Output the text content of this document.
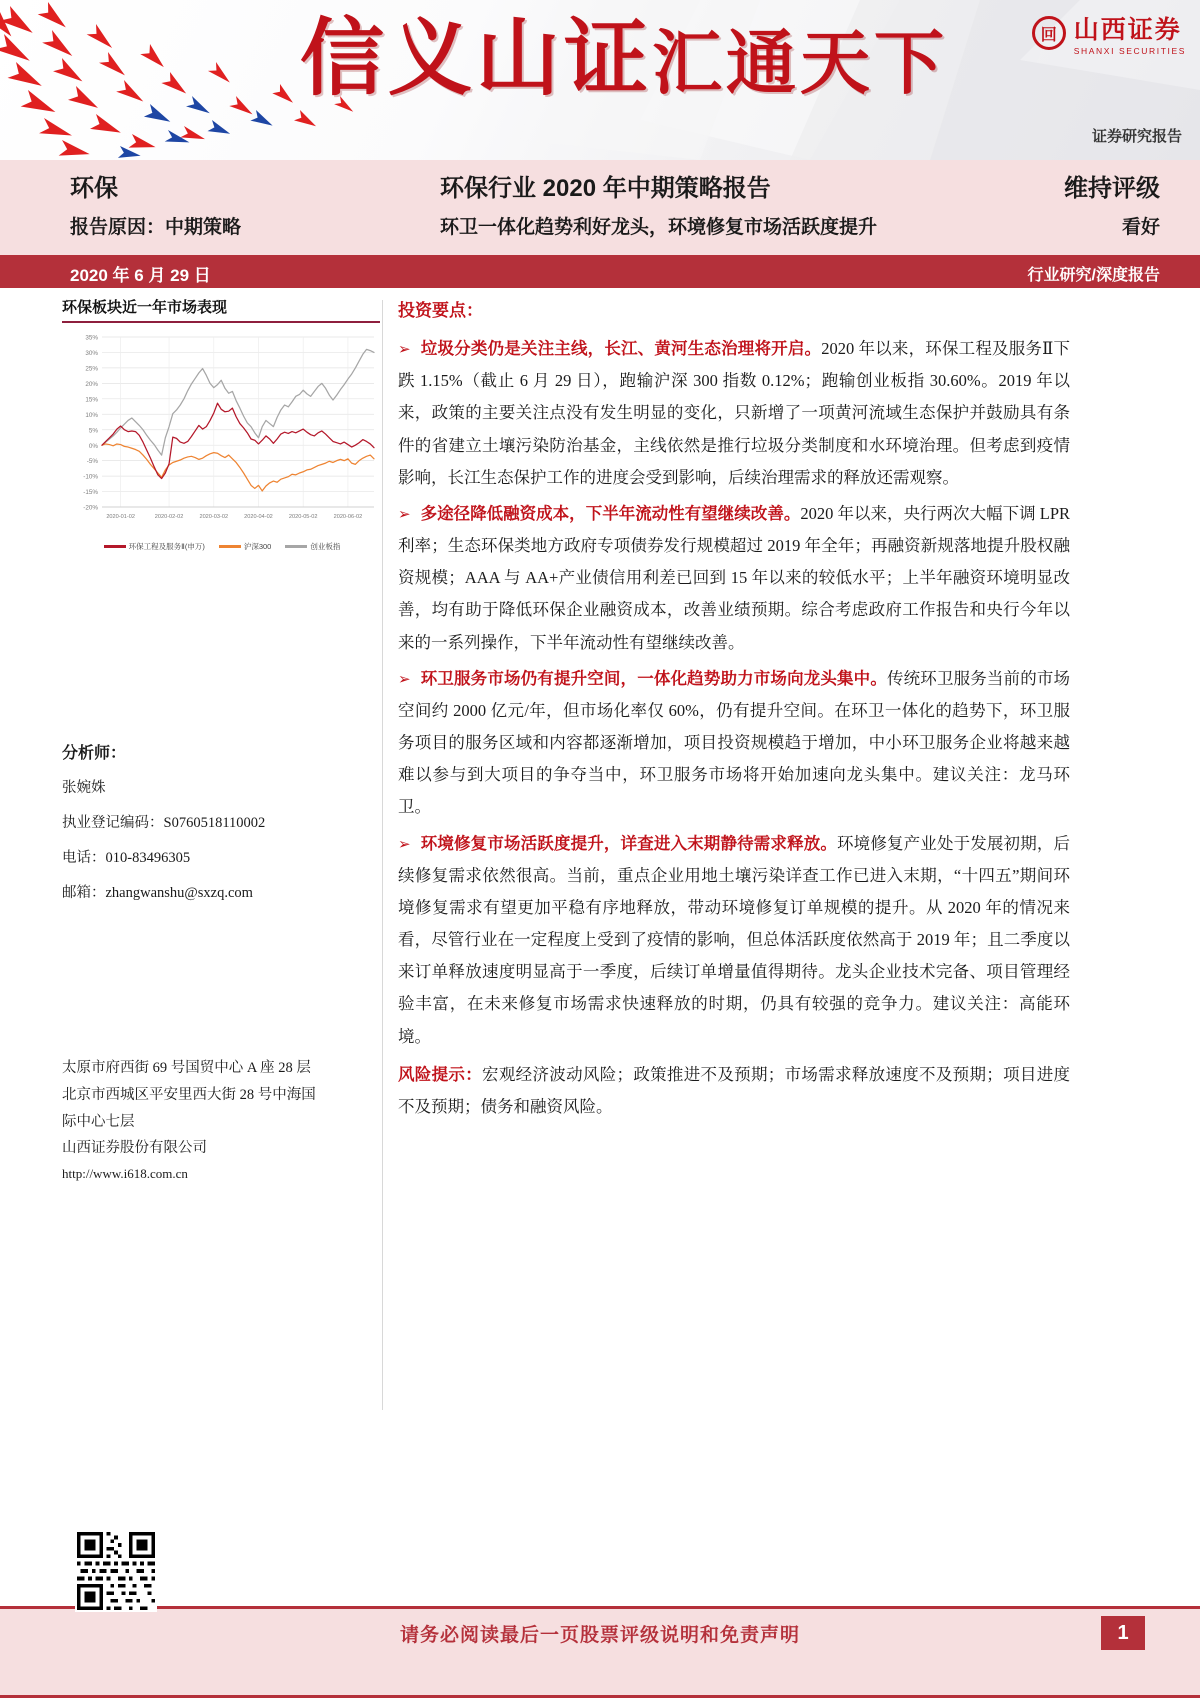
信义山证汇通天下	回 山西证券
SHANXI SECURITIES
证券研究报告
环保	环保行业 2020 年中期策略报告	维持评级
报告原因：中期策略	环卫一体化趋势利好龙头，环境修复市场活跃度提升	看好
2020 年 6 月 29 日	行业研究/深度报告
环保板块近一年市场表现
35%
30%
25%
20%
15%
10%
5%
0%
-5%
-10%
-15%
-20%
2020-01-02	2020-02-02	2020-03-02	2020-04-02	2020-05-02	2020-06-02
环保工程及服务Ⅱ(申万)	沪深300	创业板指
分析师：
张婉姝
执业登记编码：S0760518110002
电话：010-83496305
邮箱：zhangwanshu@sxzq.com
太原市府西街 69 号国贸中心 A 座 28 层
北京市西城区平安里西大街 28 号中海国
际中心七层
山西证券股份有限公司
http://www.i618.com.cn
投资要点：

➢ 垃圾分类仍是关注主线，长江、黄河生态治理将开启。2020 年以来，环保工程及服务Ⅱ下跌 1.15%（截止 6 月 29 日），跑输沪深 300 指数 0.12%；跑输创业板指 30.60%。2019 年以来，政策的主要关注点没有发生明显的变化，只新增了一项黄河流域生态保护并鼓励具有条件的省建立土壤污染防治基金，主线依然是推行垃圾分类制度和水环境治理。但考虑到疫情影响，长江生态保护工作的进度会受到影响，后续治理需求的释放还需观察。

➢ 多途径降低融资成本，下半年流动性有望继续改善。2020 年以来，央行两次大幅下调 LPR 利率；生态环保类地方政府专项债券发行规模超过 2019 年全年；再融资新规落地提升股权融资规模；AAA 与 AA+产业债信用利差已回到 15 年以来的较低水平；上半年融资环境明显改善，均有助于降低环保企业融资成本，改善业绩预期。综合考虑政府工作报告和央行今年以来的一系列操作，下半年流动性有望继续改善。

➢ 环卫服务市场仍有提升空间，一体化趋势助力市场向龙头集中。传统环卫服务当前的市场空间约 2000 亿元/年，但市场化率仅 60%，仍有提升空间。在环卫一体化的趋势下，环卫服务项目的服务区域和内容都逐渐增加，项目投资规模趋于增加，中小环卫服务企业将越来越难以参与到大项目的争夺当中，环卫服务市场将开始加速向龙头集中。建议关注：龙马环卫。

➢ 环境修复市场活跃度提升，详查进入末期静待需求释放。环境修复产业处于发展初期，后续修复需求依然很高。当前，重点企业用地土壤污染详查工作已进入末期，“十四五”期间环境修复需求有望更加平稳有序地释放，带动环境修复订单规模的提升。从 2020 年的情况来看，尽管行业在一定程度上受到了疫情的影响，但总体活跃度依然高于 2019 年；且二季度以来订单释放速度明显高于一季度，后续订单增量值得期待。龙头企业技术完备、项目管理经验丰富，在未来修复市场需求快速释放的时期，仍具有较强的竞争力。建议关注：高能环境。

风险提示：宏观经济波动风险；政策推进不及预期；市场需求释放速度不及预期；项目进度不及预期；债务和融资风险。

请务必阅读最后一页股票评级说明和免责声明	1
